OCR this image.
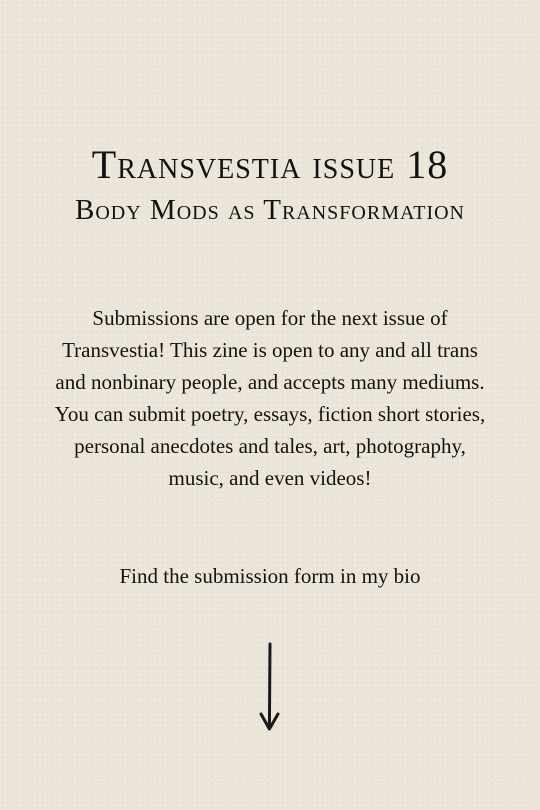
Transvestia issue 18
Body Mods as Transformation

Submissions are open for the next issue of Transvestia! This zine is open to any and all trans and nonbinary people, and accepts many mediums. You can submit poetry, essays, fiction short stories, personal anecdotes and tales, art, photography, music, and even videos!

Find the submission form in my bio
